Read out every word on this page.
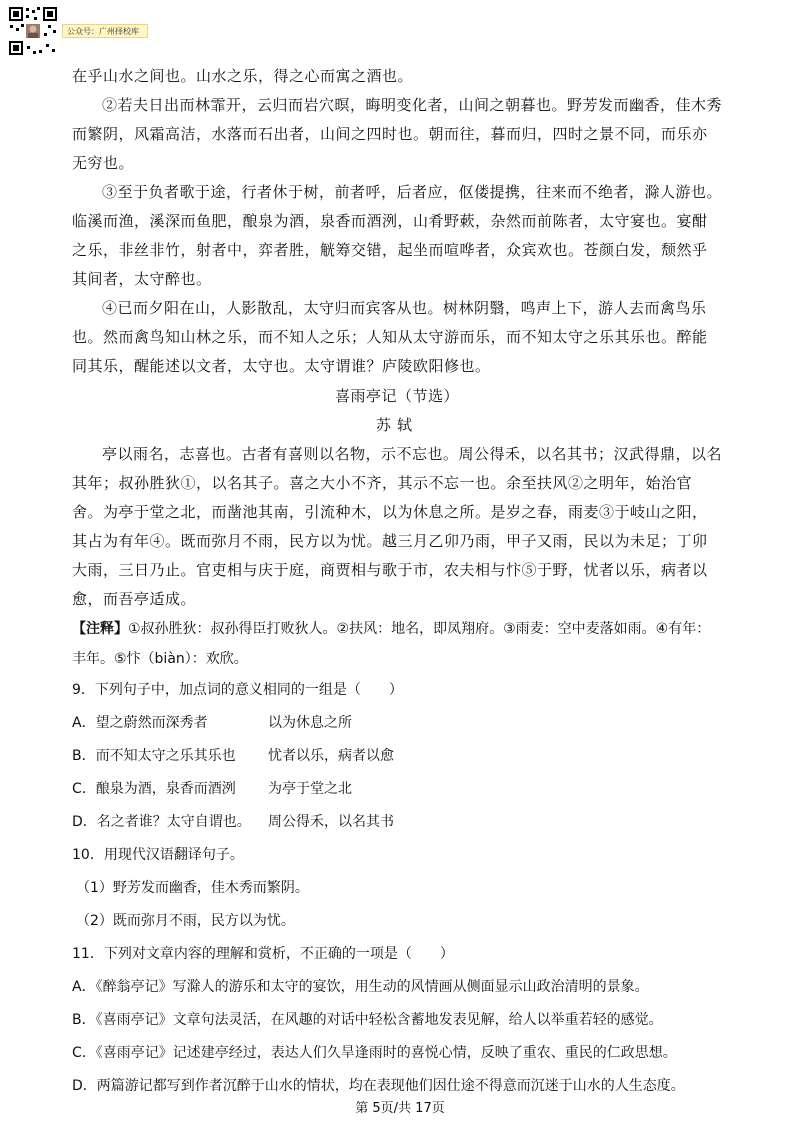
公众号：广州择校库

在乎山水之间也。山水之乐，得之心而寓之酒也。

②若夫日出而林霏开，云归而岩穴暝，晦明变化者，山间之朝暮也。野芳发而幽香，佳木秀而繁阴，风霜高洁，水落而石出者，山间之四时也。朝而往，暮而归，四时之景不同，而乐亦无穷也。

③至于负者歌于途，行者休于树，前者呼，后者应，伛偻提携，往来而不绝者，滁人游也。临溪而渔，溪深而鱼肥，酿泉为酒，泉香而酒洌，山肴野蔌，杂然而前陈者，太守宴也。宴酣之乐，非丝非竹，射者中，弈者胜，觥筹交错，起坐而喧哗者，众宾欢也。苍颜白发，颓然乎其间者，太守醉也。

④已而夕阳在山，人影散乱，太守归而宾客从也。树林阴翳，鸣声上下，游人去而禽鸟乐也。然而禽鸟知山林之乐，而不知人之乐；人知从太守游而乐，而不知太守之乐其乐也。醉能同其乐，醒能述以文者，太守也。太守谓谁？庐陵欧阳修也。

喜雨亭记（节选）

苏轼

亭以雨名，志喜也。古者有喜则以名物，示不忘也。周公得禾，以名其书；汉武得鼎，以名其年；叔孙胜狄①，以名其子。喜之大小不齐，其示不忘一也。余至扶风②之明年，始治官舍。为亭于堂之北，而凿池其南，引流种木，以为休息之所。是岁之春，雨麦③于岐山之阳，其占为有年④。既而弥月不雨，民方以为忧。越三月乙卯乃雨，甲子又雨，民以为未足；丁卯大雨，三日乃止。官吏相与庆于庭，商贾相与歌于市，农夫相与忭⑤于野，忧者以乐，病者以愈，而吾亭适成。

【注释】①叔孙胜狄：叔孙得臣打败狄人。②扶风：地名，即凤翔府。③雨麦：空中麦落如雨。④有年：丰年。⑤忭（biàn）：欢欣。

9．下列句子中，加点词的意义相同的一组是（　　）
A．望之蔚然而深秀者	以为休息之所
B．而不知太守之乐其乐也	忧者以乐，病者以愈
C．酿泉为酒，泉香而酒洌	为亭于堂之北
D．名之者谁？太守自谓也。	周公得禾，以名其书
10．用现代汉语翻译句子。
（1）野芳发而幽香，佳木秀而繁阴。
（2）既而弥月不雨，民方以为忧。
11．下列对文章内容的理解和赏析，不正确的一项是（　　）
A．《醉翁亭记》写滁人的游乐和太守的宴饮，用生动的风情画从侧面显示山政治清明的景象。
B．《喜雨亭记》文章句法灵活，在风趣的对话中轻松含蓄地发表见解，给人以举重若轻的感觉。
C．《喜雨亭记》记述建亭经过，表达人们久旱逢雨时的喜悦心情，反映了重农、重民的仁政思想。
D．两篇游记都写到作者沉醉于山水的情状，均在表现他们因仕途不得意而沉迷于山水的人生态度。
第 5页/共 17页
